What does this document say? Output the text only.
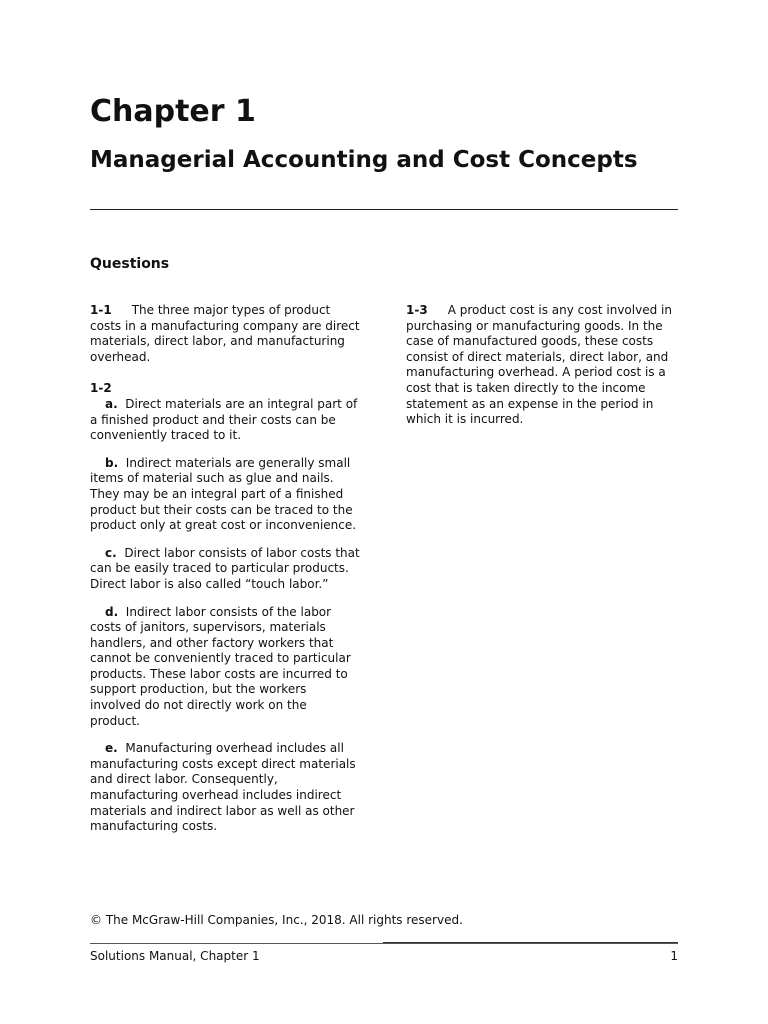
Chapter 1
Managerial Accounting and Cost Concepts
Questions

1-1 The three major types of product costs in a manufacturing company are direct materials, direct labor, and manufacturing overhead.

1-2

a. Direct materials are an integral part of a finished product and their costs can be conveniently traced to it.

b. Indirect materials are generally small items of material such as glue and nails. They may be an integral part of a finished product but their costs can be traced to the product only at great cost or inconvenience.

c. Direct labor consists of labor costs that can be easily traced to particular products. Direct labor is also called “touch labor.”

d. Indirect labor consists of the labor costs of janitors, supervisors, materials handlers, and other factory workers that cannot be conveniently traced to particular products. These labor costs are incurred to support production, but the workers involved do not directly work on the product.

e. Manufacturing overhead includes all manufacturing costs except direct materials and direct labor. Consequently, manufacturing overhead includes indirect materials and indirect labor as well as other manufacturing costs.

1-3 A product cost is any cost involved in purchasing or manufacturing goods. In the case of manufactured goods, these costs consist of direct materials, direct labor, and manufacturing overhead. A period cost is a cost that is taken directly to the income statement as an expense in the period in which it is incurred.

© The McGraw-Hill Companies, Inc., 2018. All rights reserved.

Solutions Manual, Chapter 1	1
